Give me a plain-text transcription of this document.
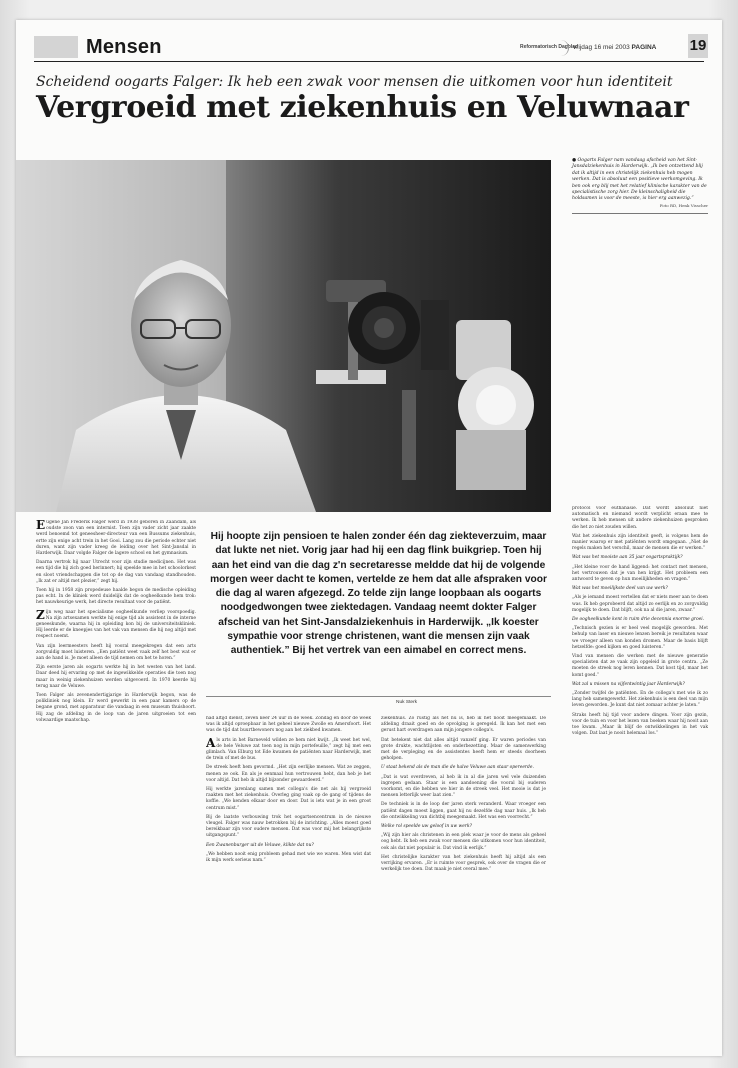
Mensen	Reformatorisch Dagblad
vrijdag 16 mei 2003 PAGINA 19
Scheidend oogarts Falger: Ik heb een zwak voor mensen die uitkomen voor hun identiteit
Vergroeid met ziekenhuis en Veluwnaar
● Oogarts Falger nam vandaag afscheid van het Sint-Jansdalziekenhuis in Harderwijk. „Ik ben ontzettend blij dat ik altijd in een christelijk ziekenhuis heb mogen werken. Dat is absoluut een positieve werkomgeving. Ik ben ook erg blij met het relatief klinische karakter van de specialistische zorg hier. De kleinschaligheid die holdsamen is voor de meeste, is hier erg aanwezig.”
Foto RD, Henk Visscher
Hij hoopte zijn pensioen te halen zonder één dag ziekteverzuim, maar dat lukte net niet. Vorig jaar had hij een dag flink buikgriep. Toen hij aan het eind van die dag z'n secretaresse meldde dat hij de volgende morgen weer dacht te komen, vertelde ze hem dat alle afspraken voor die dag al waren afgezegd. Zo telde zijn lange loopbaan als oogarts noodgedwongen twee ziektedagen. Vandaag neemt dokter Falger afscheid van het Sint-Jansdalziekenhuis in Harderwijk. „Ik koester sympathie voor strenge christenen, want die mensen zijn vaak authentiek.” Bij het vertrek van een aimabel en correct mens.
Nuk Sterk

Eugène Jan Frederik Falger werd in 1938 geboren in Zaandam, als oudste zoon van een internist. Toen zijn vader zicht jaar zaakte werd benoemd tot geneesheer-directeur van een Bussums ziekenhuis, ertte zijn enige acht trein in het Gooi. Lang zou die periode echter niet duren, want zijn vader kreeg de leiding over het Sint-Jansdal in Harderwijk. Daar volgde Falger de lagere school en het gymnasium.

Daarna vertrok hij naar Utrecht voor zijn studie medicijnen. Het was een tijd die hij zich goed herinnert; hij speelde mee in het schoolorkest en sloot vriendschappen die tot op de dag van vandaag standhouden. „Ik zat er altijd met plezier,” zegt hij.

Toen hij in 1958 zijn propedeuse haalde begon de medische opleiding pas echt. In de kliniek werd duidelijk dat de oogheelkunde hem trok: het nauwkeurige werk, het directe resultaat voor de patiënt.

Zijn weg naar het specialisme oogheelkunde verliep voorspoedig. Na zijn artsexamen werkte hij enige tijd als assistent in de interne geneeskunde, waarna hij in opleiding kon bij de universiteitskliniek. Hij leerde er de kneepjes van het vak van mensen die hij nog altijd met respect noemt.

Van zijn leermeesters heeft hij vooral meegekregen dat een arts zorgvuldig moet luisteren. „Een patiënt weet vaak zelf het best wat er aan de hand is. Je moet alleen de tijd nemen om het te horen.”

Zijn eerste jaren als oogarts werkte hij in het westen van het land. Daar deed hij ervaring op met de ingewikkelde operaties die toen nog maar in weinig ziekenhuizen werden uitgevoerd. In 1970 keerde hij terug naar de Veluwe.

Toen Falger als zevenendertigjarige in Harderwijk begon, was de polikliniek nog klein. Er werd gewerkt in een paar kamers op de begane grond, met apparatuur die vandaag in een museum thuishoort. Hij zag de afdeling in de loop van de jaren uitgroeien tot een volwaardige maatschap.	had altijd dienst, zeven keer 24 uur in de week. Zondag en door de week was ik altijd oproepbaar in het geheel nieuwe Zwolle en Amersfoort. Het was de tijd dat buurtbewoners nog aan het ziekbed kwamen.

Als arts in het Barneveld wilden ze hem niet kwijt. „Ik weet het wel, de hele Veluwe zat toen nog in mijn portefeuille,” zegt hij met een glimlach. Van Elburg tot Ede kwamen de patiënten naar Harderwijk, met de trein of met de bus.

De streek heeft hem gevormd. „Het zijn eerlijke mensen. Wat ze zeggen, menen ze ook. En als je eenmaal hun vertrouwen hebt, dan heb je het voor altijd. Dat heb ik altijd bijzonder gewaardeerd.”

Hij werkte jarenlang samen met collega's die net als hij vergroeid raakten met het ziekenhuis. Overleg ging vaak op de gang of tijdens de koffie. „We kenden elkaar door en door. Dat is iets wat je in een groot centrum mist.”

Bij de laatste verbouwing trok het oogartsencentrum in de nieuwe vleugel. Falger was nauw betrokken bij de inrichting. „Alles moest goed bereikbaar zijn voor oudere mensen. Dat was voor mij het belangrijkste uitgangspunt.”

Een Zwanenburger uit de Veluwe, klikte dat nu?

„We hebben nooit enig probleem gehad met wie we waren. Men wist dat ik mijn werk serieus nam.”

ziekenhuis. Zo rustig als het nu is, heb ik het nooit meegemaakt. De afdeling draait goed en de opvolging is geregeld. Ik kan het met een gerust hart overdragen aan mijn jongere collega's.

Dat betekent niet dat alles altijd vanzelf ging. Er waren periodes van grote drukte, wachtlijsten en onderbezetting. Maar de samenwerking met de verpleging en de assistentes heeft hem er steeds doorheen geholpen.

U staat bekend als de man die de halve Veluwe aan staar opereerde.

„Dat is wat overdreven, al heb ik in al die jaren wel vele duizenden ingrepen gedaan. Staar is een aandoening die vooral bij ouderen voorkomt, en die hebben we hier in de streek veel. Het mooie is dat je mensen letterlijk weer laat zien.”

De techniek is in de loop der jaren sterk veranderd. Waar vroeger een patiënt dagen moest liggen, gaat hij nu dezelfde dag naar huis. „Ik heb die ontwikkeling van dichtbij meegemaakt. Het was een voorrecht.”

Welke rol speelde uw geloof in uw werk?

„Wij zijn hier als christenen in een plek waar je voor de mens als geheel oog hebt. Ik heb een zwak voor mensen die uitkomen voor hun identiteit, ook als dat niet populair is. Dat vind ik eerlijk.”

Het christelijke karakter van het ziekenhuis heeft hij altijd als een verrijking ervaren. „Er is ruimte voor gesprek, ook over de vragen die er werkelijk toe doen. Dat maak je niet overal mee.”

protocol voor euthanasie. Dat wordt absoluut niet automatisch en niemand wordt verplicht eraan mee te werken. Ik heb mensen uit andere ziekenhuizen gesproken die het zo niet zouden willen.

Wat het ziekenhuis zijn identiteit geeft, is volgens hem de manier waarop er met patiënten wordt omgegaan. „Niet de regels maken het verschil, maar de mensen die er werken.”

Wat was het mooiste aan 35 jaar oogartspraktijk?

„Het kleine voor de hand liggend: het contact met mensen, het vertrouwen dat je van hen krijgt. Het probleem een antwoord te geven op hun moeilijkheden en vragen.”

Wat was het moeilijkste deel van uw werk?

„Als je iemand moest vertellen dat er niets meer aan te doen was. Ik heb geprobeerd dat altijd zo eerlijk en zo zorgvuldig mogelijk te doen. Dat blijft, ook na al die jaren, zwaar.”

De oogheelkunde kent in ruim drie decennia enorme groei.

„Technisch gezien is er heel veel mogelijk geworden. Met behulp van laser en nieuwe lenzen bereik je resultaten waar we vroeger alleen van konden dromen. Maar de basis blijft hetzelfde: goed kijken en goed luisteren.”

Vind van mensen die werken met de nieuwe generatie specialisten dat ze vaak zijn opgeleid in grote centra. „Ze moeten de streek nog leren kennen. Dat kost tijd, maar het komt goed.”

Wat zal u missen na vijfentwintig jaar Harderwijk?

„Zonder twijfel de patiënten. En de collega's met wie ik zo lang heb samengewerkt. Het ziekenhuis is een deel van mijn leven geworden. Je kunt dat niet zomaar achter je laten.”

Straks heeft hij tijd voor andere dingen. Voor zijn gezin, voor de tuin en voor het lezen van boeken waar hij nooit aan toe kwam. „Maar ik blijf de ontwikkelingen in het vak volgen. Dat laat je nooit helemaal los.”
